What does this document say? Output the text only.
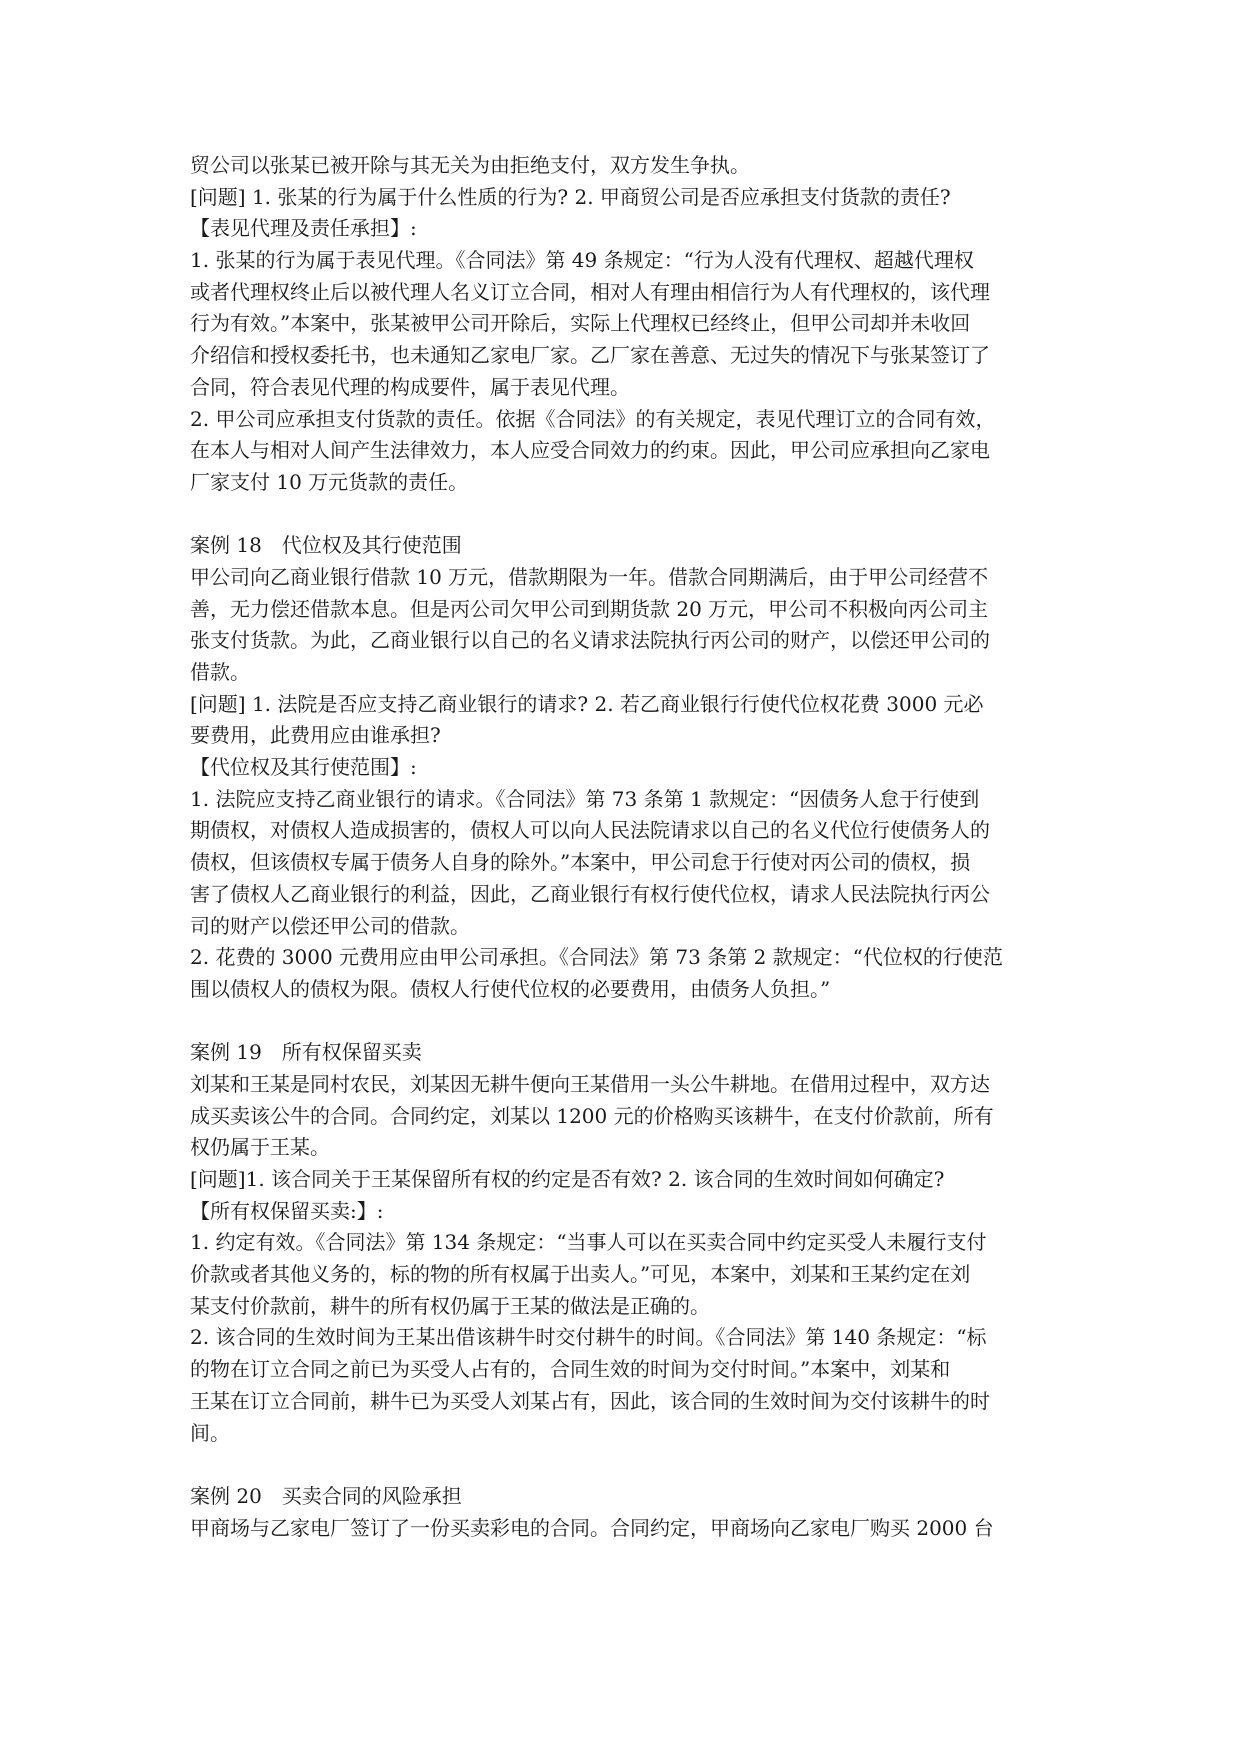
贸公司以张某已被开除与其无关为由拒绝支付，双方发生争执。
[问题] 1. 张某的行为属于什么性质的行为? 2. 甲商贸公司是否应承担支付货款的责任?
【表见代理及责任承担】:
1. 张某的行为属于表见代理。《合同法》第 49 条规定：“行为人没有代理权、超越代理权
或者代理权终止后以被代理人名义订立合同，相对人有理由相信行为人有代理权的，该代理
行为有效。”本案中，张某被甲公司开除后，实际上代理权已经终止，但甲公司却并未收回
介绍信和授权委托书，也未通知乙家电厂家。乙厂家在善意、无过失的情况下与张某签订了
合同，符合表见代理的构成要件，属于表见代理。
2. 甲公司应承担支付货款的责任。依据《合同法》的有关规定，表见代理订立的合同有效，
在本人与相对人间产生法律效力，本人应受合同效力的约束。因此，甲公司应承担向乙家电
厂家支付 10 万元货款的责任。
案例 18　代位权及其行使范围
甲公司向乙商业银行借款 10 万元，借款期限为一年。借款合同期满后，由于甲公司经营不
善，无力偿还借款本息。但是丙公司欠甲公司到期货款 20 万元，甲公司不积极向丙公司主
张支付货款。为此，乙商业银行以自己的名义请求法院执行丙公司的财产，以偿还甲公司的
借款。
[问题] 1. 法院是否应支持乙商业银行的请求? 2. 若乙商业银行行使代位权花费 3000 元必
要费用，此费用应由谁承担?
【代位权及其行使范围】:
1. 法院应支持乙商业银行的请求。《合同法》第 73 条第 1 款规定：“因债务人怠于行使到
期债权，对债权人造成损害的，债权人可以向人民法院请求以自己的名义代位行使债务人的
债权，但该债权专属于债务人自身的除外。”本案中，甲公司怠于行使对丙公司的债权，损
害了债权人乙商业银行的利益，因此，乙商业银行有权行使代位权，请求人民法院执行丙公
司的财产以偿还甲公司的借款。
2. 花费的 3000 元费用应由甲公司承担。《合同法》第 73 条第 2 款规定：“代位权的行使范
围以债权人的债权为限。债权人行使代位权的必要费用，由债务人负担。”
案例 19　所有权保留买卖
刘某和王某是同村农民，刘某因无耕牛便向王某借用一头公牛耕地。在借用过程中，双方达
成买卖该公牛的合同。合同约定，刘某以 1200 元的价格购买该耕牛，在支付价款前，所有
权仍属于王某。
[问题]1. 该合同关于王某保留所有权的约定是否有效? 2. 该合同的生效时间如何确定?
【所有权保留买卖:】:
1. 约定有效。《合同法》第 134 条规定：“当事人可以在买卖合同中约定买受人未履行支付
价款或者其他义务的，标的物的所有权属于出卖人。”可见，本案中，刘某和王某约定在刘
某支付价款前，耕牛的所有权仍属于王某的做法是正确的。
2. 该合同的生效时间为王某出借该耕牛时交付耕牛的时间。《合同法》第 140 条规定：“标
的物在订立合同之前已为买受人占有的，合同生效的时间为交付时间。”本案中，刘某和
王某在订立合同前，耕牛已为买受人刘某占有，因此，该合同的生效时间为交付该耕牛的时
间。
案例 20　买卖合同的风险承担
甲商场与乙家电厂签订了一份买卖彩电的合同。合同约定，甲商场向乙家电厂购买 2000 台
